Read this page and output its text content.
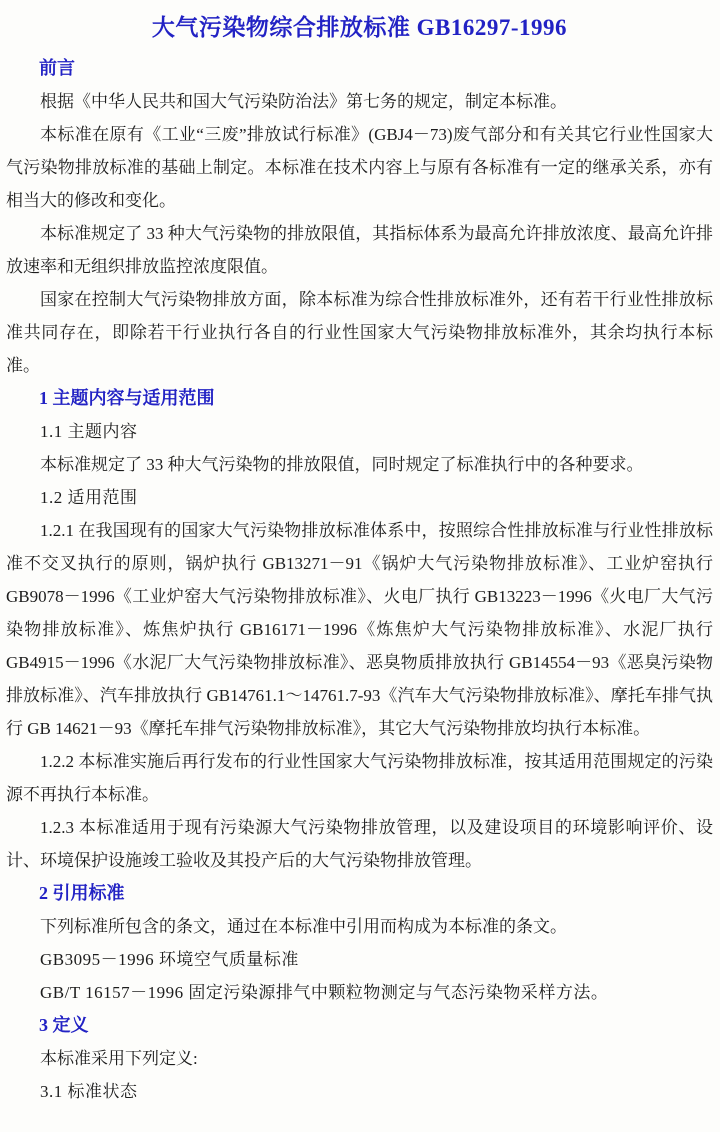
大气污染物综合排放标准 GB16297-1996
前言

根据《中华人民共和国大气污染防治法》第七务的规定，制定本标准。

本标准在原有《工业“三废”排放试行标准》(GBJ4－73)废气部分和有关其它行业性国家大气污染物排放标准的基础上制定。本标准在技术内容上与原有各标准有一定的继承关系，亦有相当大的修改和变化。

本标准规定了 33 种大气污染物的排放限值，其指标体系为最高允许排放浓度、最高允许排放速率和无组织排放监控浓度限值。

国家在控制大气污染物排放方面，除本标准为综合性排放标准外，还有若干行业性排放标准共同存在，即除若干行业执行各自的行业性国家大气污染物排放标准外，其余均执行本标准。

1 主题内容与适用范围
1.1 主题内容

本标准规定了 33 种大气污染物的排放限值，同时规定了标准执行中的各种要求。

1.2 适用范围

1.2.1 在我国现有的国家大气污染物排放标准体系中，按照综合性排放标准与行业性排放标准不交叉执行的原则，锅炉执行 GB13271－91《锅炉大气污染物排放标准》、工业炉窑执行 GB9078－1996《工业炉窑大气污染物排放标准》、火电厂执行 GB13223－1996《火电厂大气污染物排放标准》、炼焦炉执行 GB16171－1996《炼焦炉大气污染物排放标准》、水泥厂执行 GB4915－1996《水泥厂大气污染物排放标准》、恶臭物质排放执行 GB14554－93《恶臭污染物排放标准》、汽车排放执行 GB14761.1～14761.7-93《汽车大气污染物排放标准》、摩托车排气执行 GB 14621－93《摩托车排气污染物排放标准》，其它大气污染物排放均执行本标准。

1.2.2 本标准实施后再行发布的行业性国家大气污染物排放标准，按其适用范围规定的污染源不再执行本标准。

1.2.3 本标准适用于现有污染源大气污染物排放管理，以及建设项目的环境影响评价、设计、环境保护设施竣工验收及其投产后的大气污染物排放管理。

2 引用标准

下列标准所包含的条文，通过在本标准中引用而构成为本标准的条文。

GB3095－1996 环境空气质量标准
GB/T 16157－1996 固定污染源排气中颗粒物测定与气态污染物采样方法。
3 定义

本标准采用下列定义:

3.1 标准状态
